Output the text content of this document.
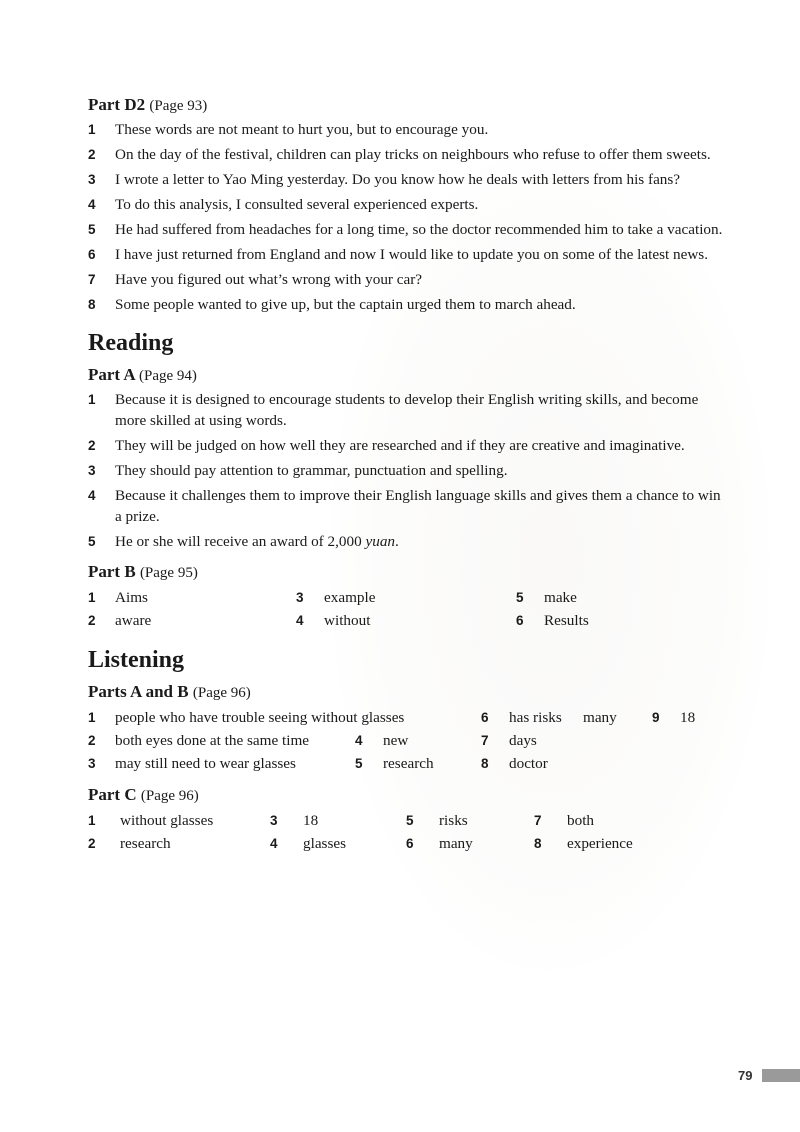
Part D2 (Page 93)
1 These words are not meant to hurt you, but to encourage you.
2 On the day of the festival, children can play tricks on neighbours who refuse to offer them sweets.
3 I wrote a letter to Yao Ming yesterday. Do you know how he deals with letters from his fans?
4 To do this analysis, I consulted several experienced experts.
5 He had suffered from headaches for a long time, so the doctor recommended him to take a vacation.
6 I have just returned from England and now I would like to update you on some of the latest news.
7 Have you figured out what’s wrong with your car?
8 Some people wanted to give up, but the captain urged them to march ahead.
Reading
Part A (Page 94)
1 Because it is designed to encourage students to develop their English writing skills, and become more skilled at using words.
2 They will be judged on how well they are researched and if they are creative and imaginative.
3 They should pay attention to grammar, punctuation and spelling.
4 Because it challenges them to improve their English language skills and gives them a chance to win a prize.
5 He or she will receive an award of 2,000 yuan.
Part B (Page 95)
1 Aims	3 example	5 make
2 aware	4 without	6 Results
Listening
Parts A and B (Page 96)
1 people who have trouble seeing without glasses	6 has risks many	9 18
2 both eyes done at the same time	4 new	7 days
3 may still need to wear glasses	5 research	8 doctor
Part C (Page 96)
1 without glasses	3 18	5 risks	7 both
2 research	4 glasses	6 many	8 experience
79
